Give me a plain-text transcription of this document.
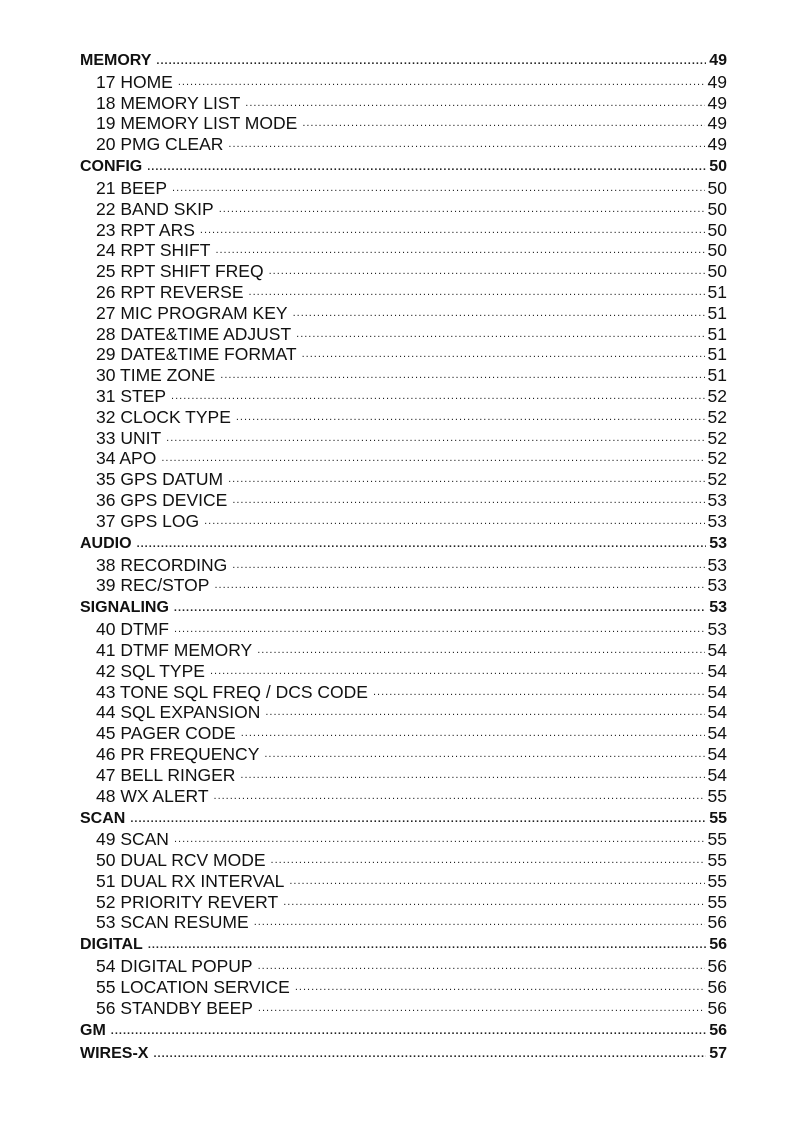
MEMORY .....	49
17 HOME .....	49
18 MEMORY LIST .....	49
19 MEMORY LIST MODE .....	49
20 PMG CLEAR .....	49
CONFIG .....	50
21 BEEP .....	50
22 BAND SKIP .....	50
23 RPT ARS .....	50
24 RPT SHIFT .....	50
25 RPT SHIFT FREQ .....	50
26 RPT REVERSE .....	51
27 MIC PROGRAM KEY .....	51
28 DATE&TIME ADJUST .....	51
29 DATE&TIME FORMAT .....	51
30 TIME ZONE .....	51
31 STEP .....	52
32 CLOCK TYPE .....	52
33 UNIT .....	52
34 APO .....	52
35 GPS DATUM .....	52
36 GPS DEVICE .....	53
37 GPS LOG .....	53
AUDIO .....	53
38 RECORDING .....	53
39 REC/STOP .....	53
SIGNALING .....	53
40 DTMF .....	53
41 DTMF MEMORY .....	54
42 SQL TYPE .....	54
43 TONE SQL FREQ / DCS CODE .....	54
44 SQL EXPANSION .....	54
45 PAGER CODE .....	54
46 PR FREQUENCY .....	54
47 BELL RINGER .....	54
48 WX ALERT .....	55
SCAN .....	55
49 SCAN .....	55
50 DUAL RCV MODE .....	55
51 DUAL RX INTERVAL .....	55
52 PRIORITY REVERT .....	55
53 SCAN RESUME .....	56
DIGITAL .....	56
54 DIGITAL POPUP .....	56
55 LOCATION SERVICE .....	56
56 STANDBY BEEP .....	56
GM .....	56
WIRES-X .....	57
